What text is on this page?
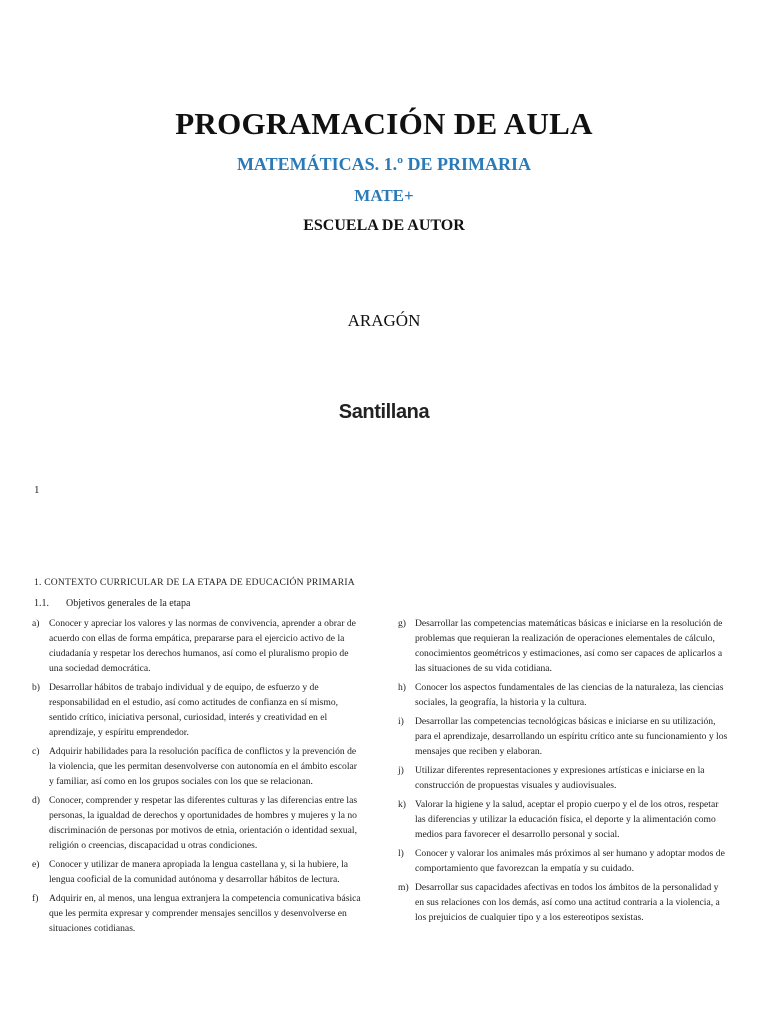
PROGRAMACIÓN DE AULA
MATEMÁTICAS. 1.º DE PRIMARIA
MATE+
ESCUELA DE AUTOR
ARAGÓN
Santillana
1
1. CONTEXTO CURRICULAR DE LA ETAPA DE EDUCACIÓN PRIMARIA
1.1. Objetivos generales de la etapa
a) Conocer y apreciar los valores y las normas de convivencia, aprender a obrar de acuerdo con ellas de forma empática, prepararse para el ejercicio activo de la ciudadanía y respetar los derechos humanos, así como el pluralismo propio de una sociedad democrática.
b) Desarrollar hábitos de trabajo individual y de equipo, de esfuerzo y de responsabilidad en el estudio, así como actitudes de confianza en sí mismo, sentido crítico, iniciativa personal, curiosidad, interés y creatividad en el aprendizaje, y espíritu emprendedor.
c) Adquirir habilidades para la resolución pacífica de conflictos y la prevención de la violencia, que les permitan desenvolverse con autonomía en el ámbito escolar y familiar, así como en los grupos sociales con los que se relacionan.
d) Conocer, comprender y respetar las diferentes culturas y las diferencias entre las personas, la igualdad de derechos y oportunidades de hombres y mujeres y la no discriminación de personas por motivos de etnia, orientación o identidad sexual, religión o creencias, discapacidad u otras condiciones.
e) Conocer y utilizar de manera apropiada la lengua castellana y, si la hubiere, la lengua cooficial de la comunidad autónoma y desarrollar hábitos de lectura.
f)	Adquirir en, al menos, una lengua extranjera la competencia comunicativa básica que les permita expresar y comprender mensajes sencillos y desenvolverse en situaciones cotidianas.
g) Desarrollar las competencias matemáticas básicas e iniciarse en la resolución de problemas que requieran la realización de operaciones elementales de cálculo, conocimientos geométricos y estimaciones, así como ser capaces de aplicarlos a las situaciones de su vida cotidiana.
h) Conocer los aspectos fundamentales de las ciencias de la naturaleza, las ciencias sociales, la geografía, la historia y la cultura.
i)	Desarrollar las competencias tecnológicas básicas e iniciarse en su utilización, para el aprendizaje, desarrollando un espíritu crítico ante su funcionamiento y los mensajes que reciben y elaboran.
j)	Utilizar diferentes representaciones y expresiones artísticas e iniciarse en la construcción de propuestas visuales y audiovisuales.
k) Valorar la higiene y la salud, aceptar el propio cuerpo y el de los otros, respetar las diferencias y utilizar la educación física, el deporte y la alimentación como medios para favorecer el desarrollo personal y social.
l)	Conocer y valorar los animales más próximos al ser humano y adoptar modos de comportamiento que favorezcan la empatía y su cuidado.
m) Desarrollar sus capacidades afectivas en todos los ámbitos de la personalidad y en sus relaciones con los demás, así como una actitud contraria a la violencia, a los prejuicios de cualquier tipo y a los estereotipos sexistas.
